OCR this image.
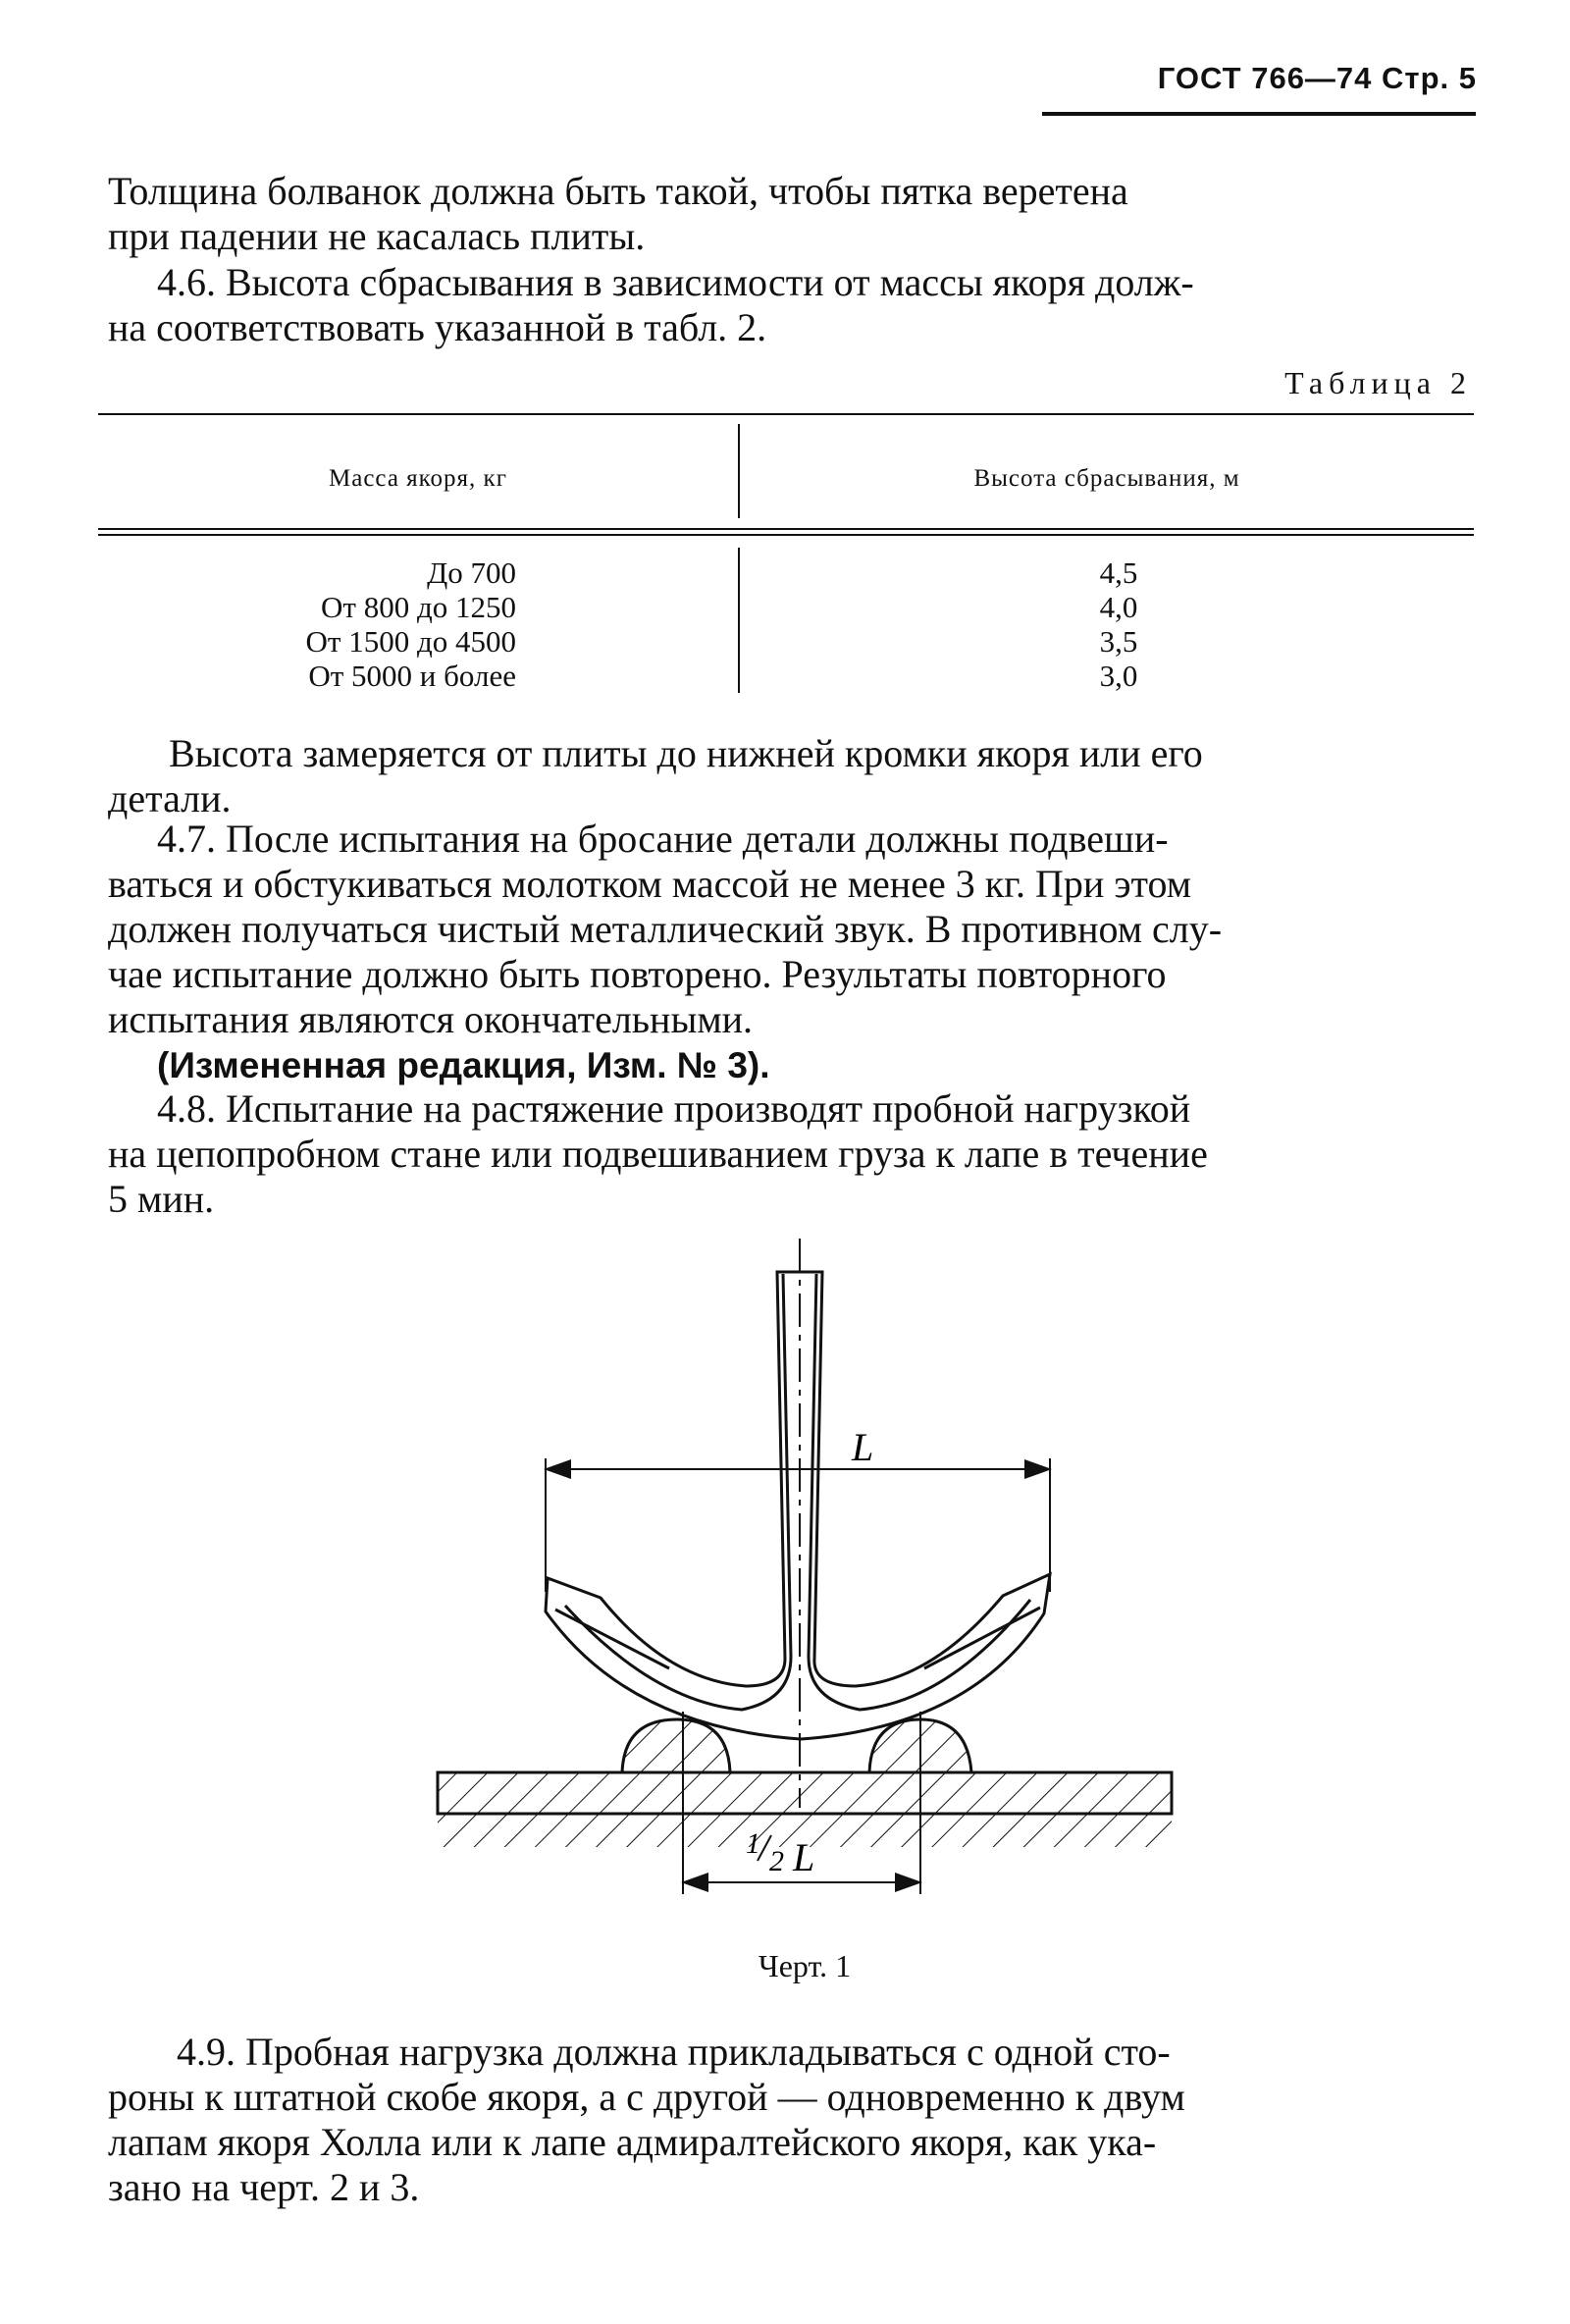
ГОСТ 766—74 Стр. 5
Толщина болванок должна быть такой, чтобы пятка веретена
при падении не касалась плиты.
4.6. Высота сбрасывания в зависимости от массы якоря долж-
на соответствовать указанной в табл. 2.
Таблица 2
Масса якоря, кг	Высота сбрасывания, м
До 700
От 800 до 1250
От 1500 до 4500
От 5000 и более
4,5
4,0
3,5
3,0
Высота замеряется от плиты до нижней кромки якоря или его
детали.
4.7. После испытания на бросание детали должны подвеши-
ваться и обстукиваться молотком массой не менее 3 кг. При этом
должен получаться чистый металлический звук. В противном слу-
чае испытание должно быть повторено. Результаты повторного
испытания являются окончательными.
(Измененная редакция, Изм. № 3).
4.8. Испытание на растяжение производят пробной нагрузкой
на цепопробном стане или подвешиванием груза к лапе в течение
5 мин.
L
1
2 L
Черт. 1
4.9. Пробная нагрузка должна прикладываться с одной сто-
роны к штатной скобе якоря, а с другой — одновременно к двум
лапам якоря Холла или к лапе адмиралтейского якоря, как ука-
зано на черт. 2 и 3.
